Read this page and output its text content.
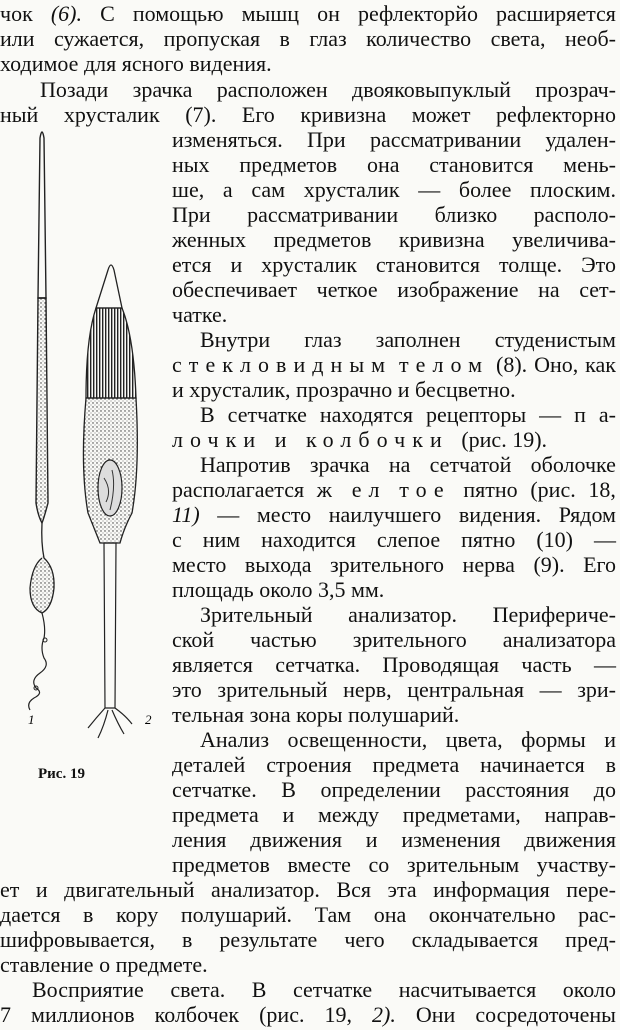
1	2
Рис. 19
чок (6). С помощью мышц он рефлекторйо расширяется
или сужается, пропуская в глаз количество света, необ-
ходимое для ясного видения.
Позади зрачка расположен двояковыпуклый прозрач-
ный хрусталик (7). Его кривизна может рефлекторно
изменяться. При рассматривании удален-
ных предметов она становится мень-
ше, а сам хрусталик — более плоским.
При рассматривании близко располо-
женных предметов кривизна увеличива-
ется и хрусталик становится толще. Это
обеспечивает четкое изображение на сет-
чатке.
Внутри глаз заполнен студенистым
стекловидным телом (8). Оно, как
и хрусталик, прозрачно и бесцветно.
В сетчатке находятся рецепторы — п а-
лочки и колбочки (рис. 19).
Напротив зрачка на сетчатой оболочке
располагается ж ел тое пятно (рис. 18,
11) — место наилучшего видения. Рядом
с ним находится слепое пятно (10) —
место выхода зрительного нерва (9). Его
площадь около 3,5 мм.
Зрительный анализатор. Перифериче-
ской частью зрительного анализатора
является сетчатка. Проводящая часть —
это зрительный нерв, центральная — зри-
тельная зона коры полушарий.
Анализ освещенности, цвета, формы и
деталей строения предмета начинается в
сетчатке. В определении расстояния до
предмета и между предметами, направ-
ления движения и изменения движения
предметов вместе со зрительным участву-
ет и двигательный анализатор. Вся эта информация пере-
дается в кору полушарий. Там она окончательно рас-
шифровывается, в результате чего складывается пред-
ставление о предмете.
Восприятие света. В сетчатке насчитывается около
7 миллионов колбочек (рис. 19, 2). Они сосредоточены
